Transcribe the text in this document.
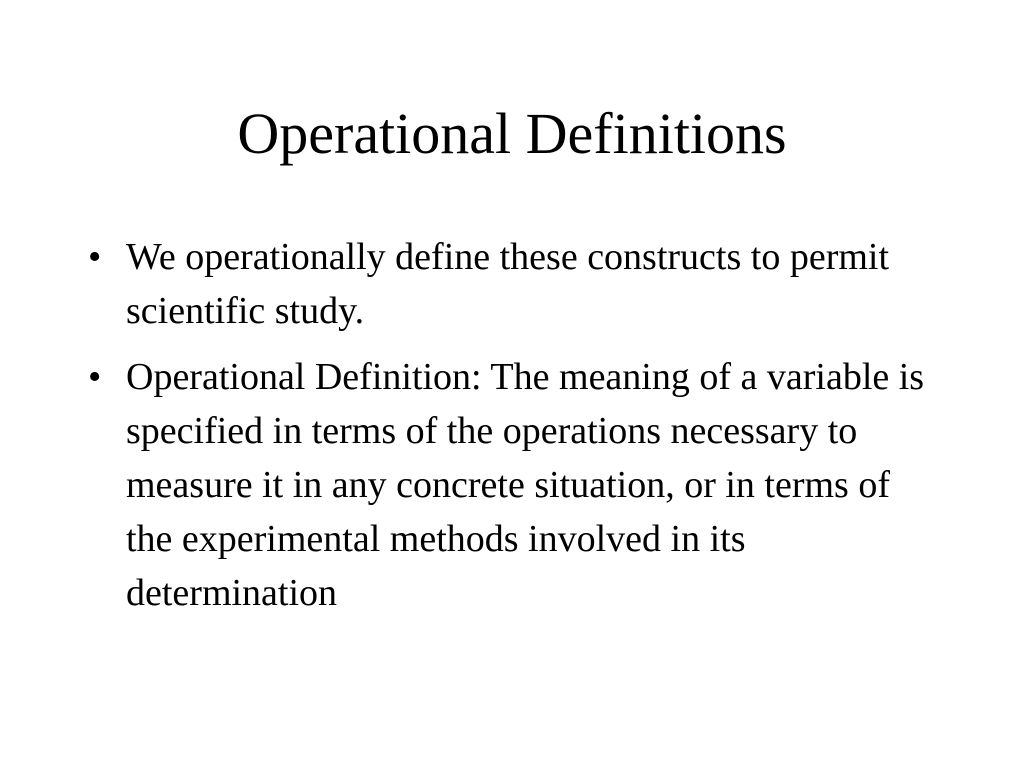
Operational Definitions
• We operationally define these constructs to permit scientific study.
• Operational Definition: The meaning of a variable is specified in terms of the operations necessary to measure it in any concrete situation, or in terms of the experimental methods involved in its determination
